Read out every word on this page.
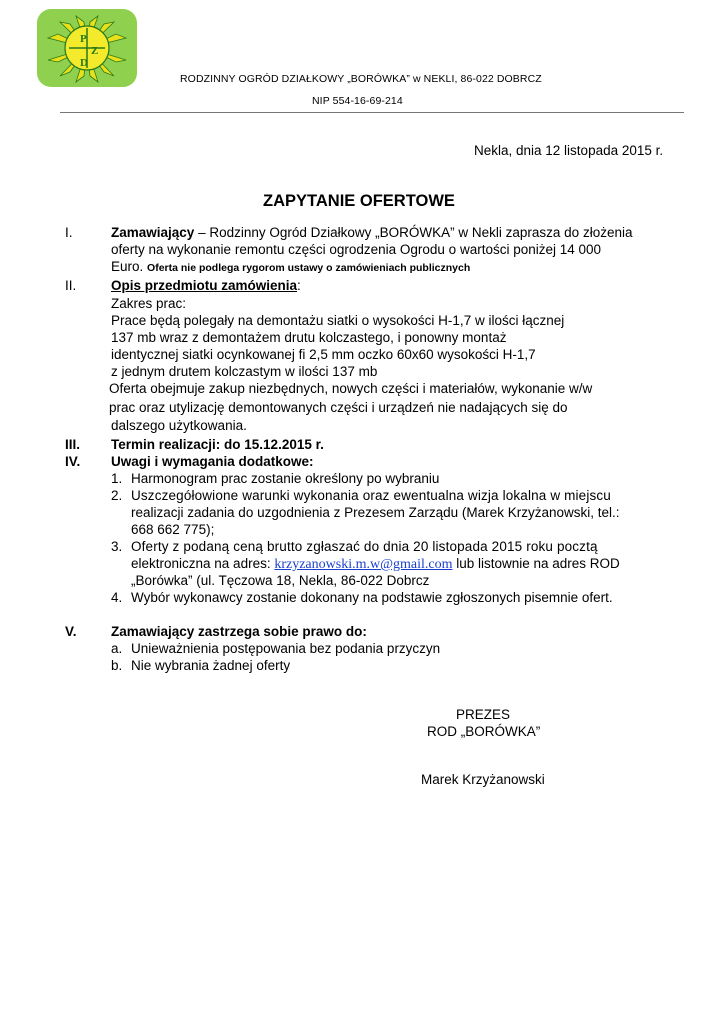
P
Z
D
RODZINNY OGRÓD DZIAŁKOWY „BORÓWKA” w NEKLI, 86-022 DOBRCZ
NIP 554-16-69-214
Nekla, dnia 12 listopada 2015 r.
ZAPYTANIE OFERTOWE
I.	Zamawiający – Rodzinny Ogród Działkowy „BORÓWKA” w Nekli zaprasza do złożenia
oferty na wykonanie remontu części ogrodzenia Ogrodu o wartości poniżej 14 000
Euro. Oferta nie podlega rygorom ustawy o zamówieniach publicznych
II.	Opis przedmiotu zamówienia:
Zakres prac:
Prace będą polegały na demontażu siatki o wysokości H-1,7 w ilości łącznej
137 mb wraz z demontażem drutu kolczastego, i ponowny montaż
identycznej siatki ocynkowanej fi 2,5 mm oczko 60x60 wysokości H-1,7
z jednym drutem kolczastym w ilości 137 mb
Oferta obejmuje zakup niezbędnych, nowych części i materiałów, wykonanie w/w
prac oraz utylizację demontowanych części i urządzeń nie nadających się do
dalszego użytkowania.
III. Termin realizacji: do 15.12.2015 r.
IV. Uwagi i wymagania dodatkowe:
1. Harmonogram prac zostanie określony po wybraniu
2. Uszczegółowione warunki wykonania oraz ewentualna wizja lokalna w miejscu
realizacji zadania do uzgodnienia z Prezesem Zarządu (Marek Krzyżanowski, tel.:
668 662 775);
3. Oferty z podaną ceną brutto zgłaszać do dnia 20 listopada 2015 roku pocztą
elektroniczna na adres: krzyzanowski.m.w@gmail.com lub listownie na adres ROD
„Borówka” (ul. Tęczowa 18, Nekla, 86-022 Dobrcz
4. Wybór wykonawcy zostanie dokonany na podstawie zgłoszonych pisemnie ofert.
V.	Zamawiający zastrzega sobie prawo do:
a. Unieważnienia postępowania bez podania przyczyn
b. Nie wybrania żadnej oferty
PREZES
ROD „BORÓWKA”
Marek Krzyżanowski
